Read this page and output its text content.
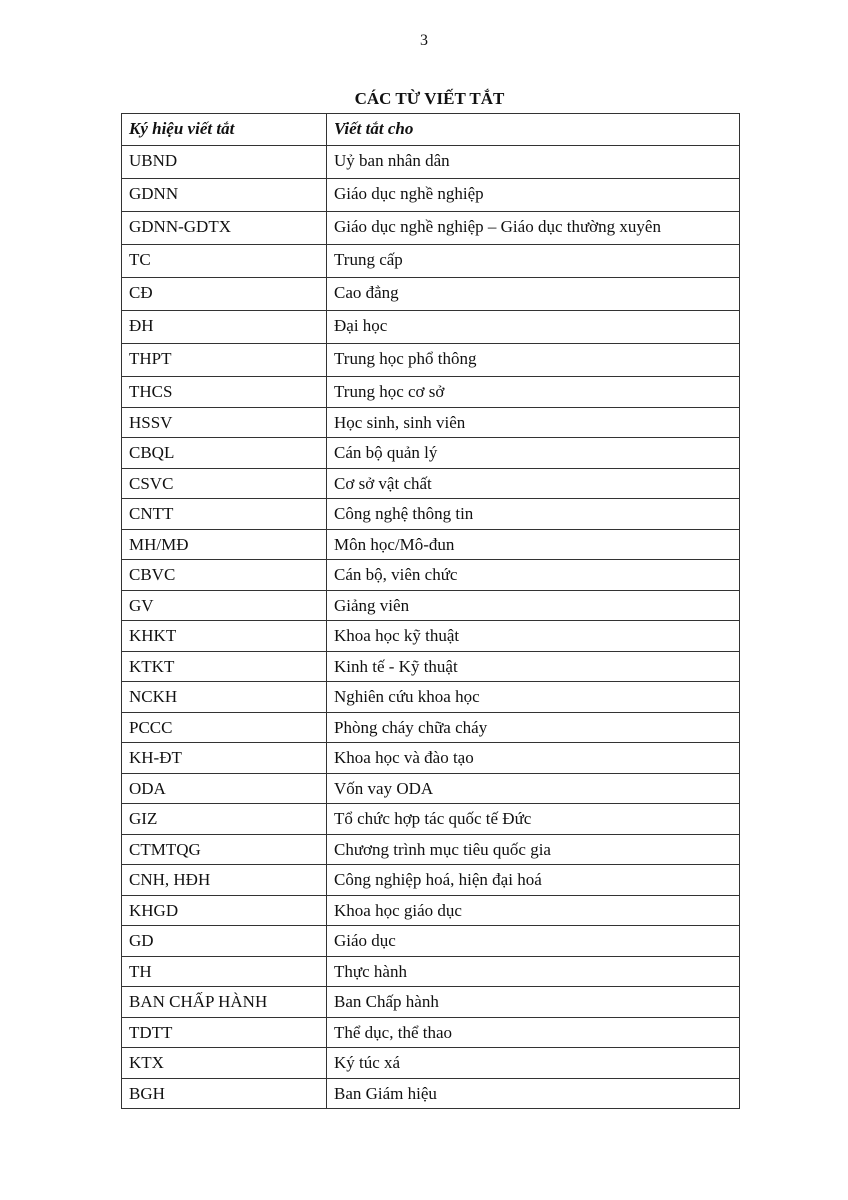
3
CÁC TỪ VIẾT TẮT
Ký hiệu viết tắt	Viết tắt cho
UBND	Uỷ ban nhân dân
GDNN	Giáo dục nghề nghiệp
GDNN-GDTX	Giáo dục nghề nghiệp – Giáo dục thường xuyên
TC	Trung cấp
CĐ	Cao đẳng
ĐH	Đại học
THPT	Trung học phổ thông
THCS	Trung học cơ sở
HSSV	Học sinh, sinh viên
CBQL	Cán bộ quản lý
CSVC	Cơ sở vật chất
CNTT	Công nghệ thông tin
MH/MĐ	Môn học/Mô-đun
CBVC	Cán bộ, viên chức
GV	Giảng viên
KHKT	Khoa học kỹ thuật
KTKT	Kinh tế - Kỹ thuật
NCKH	Nghiên cứu khoa học
PCCC	Phòng cháy chữa cháy
KH-ĐT	Khoa học và đào tạo
ODA	Vốn vay ODA
GIZ	Tổ chức hợp tác quốc tế Đức
CTMTQG	Chương trình mục tiêu quốc gia
CNH, HĐH	Công nghiệp hoá, hiện đại hoá
KHGD	Khoa học giáo dục
GD	Giáo dục
TH	Thực hành
BAN CHẤP HÀNH	Ban Chấp hành
TDTT	Thể dục, thể thao
KTX	Ký túc xá
BGH	Ban Giám hiệu
